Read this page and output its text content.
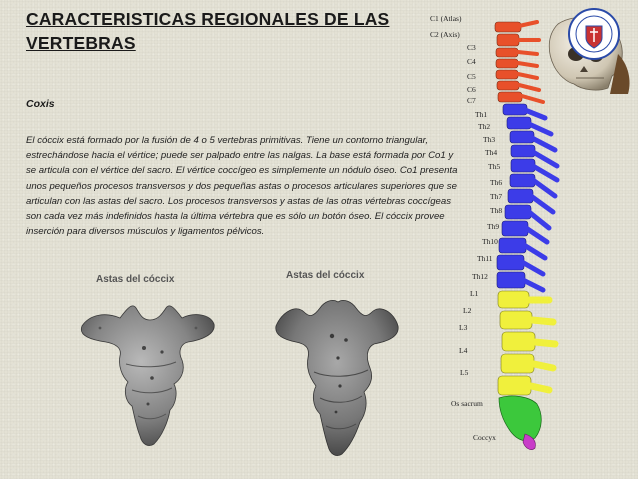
CARACTERISTICAS REGIONALES DE LAS VERTEBRAS
Coxis
El cóccix está formado por la fusión de 4 o 5 vertebras primitivas. Tiene un contorno triangular, estrechándose hacia el vértice; puede ser palpado entre las nalgas. La base está formada por Co1 y se articula con el vértice del sacro. El vértice coccígeo es simplemente un nódulo óseo. Co1 presenta unos pequeños procesos transversos y dos pequeñas astas o procesos articulares superiores que se articulan con las astas del sacro. Los procesos transversos y astas de las otras vértebras coccígeas son cada vez más indefinidos hasta la última vértebra que es sólo un botón óseo. El cóccix provee inserción para diversos músculos y ligamentos pélvicos.
Astas del cóccix	Astas del cóccix
C1 (Atlas)
C2 (Axis)
C3
C4
C5
C6
C7
Th1
Th2
Th3
Th4
Th5
Th6
Th7
Th8
Th9
Th10
Th11
Th12
L1
L2
L3
L4
L5
Os sacrum
Coccyx
